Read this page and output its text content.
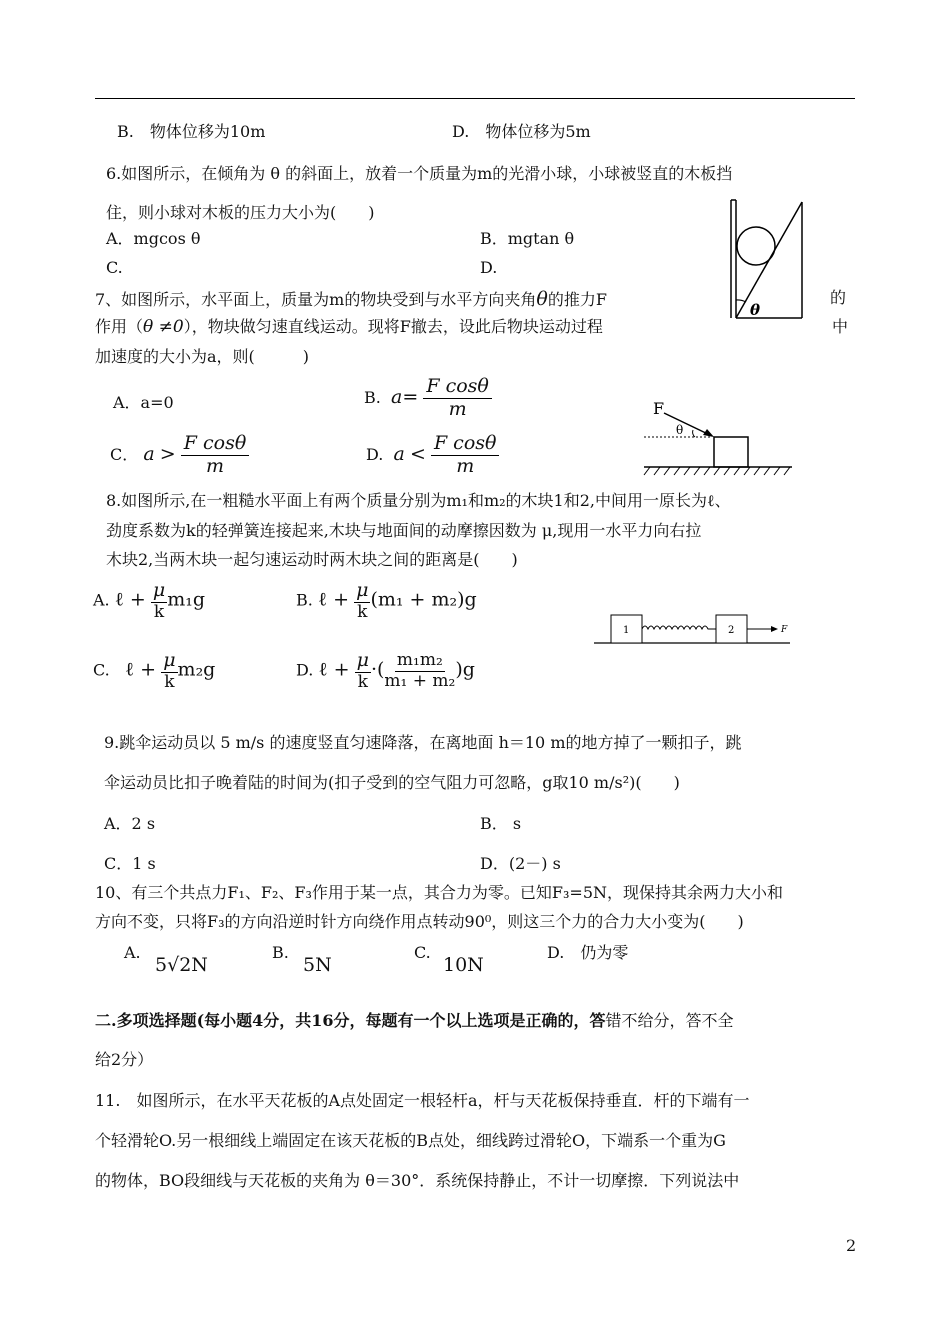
B.　物体位移为10m	D.　物体位移为5m
6.如图所示，在倾角为 θ 的斜面上，放着一个质量为m的光滑小球，小球被竖直的木板挡
住，则小球对木板的压力大小为(　　)
A．mgcos θ	B．mgtan θ
C.	D.
θ
7、如图所示，水平面上，质量为m的物块受到与水平方向夹角θ的推力F	的
作用（θ ≠0），物块做匀速直线运动。现将F撤去，设此后物块运动过程	中
加速度的大小为a，则(　　　)
A．a=0	B. $a= \frac{\text{F cosθ}}{m}$
C． $a > \frac{\text{F cosθ}}{m}$	D. $a < \frac{\text{F cosθ}}{m}$
F
θ
8.如图所示,在一粗糙水平面上有两个质量分别为m₁和m₂的木块1和2,中间用一原长为ℓ、
劲度系数为k的轻弹簧连接起来,木块与地面间的动摩擦因数为 μ,现用一水平力向右拉
木块2,当两木块一起匀速运动时两木块之间的距离是(　　)
A. ℓ + $\frac{\mu}{k} m_1g$	B. ℓ + $\frac{\mu}{k} (m_1 + m_2)g$
C. ℓ + $\frac{\mu}{k} m_2g$	D. ℓ + $\frac{\mu}{k}$ ·( $\frac{\text{m₁m₂}}{\text{m₁ + m₂}} )g$
1	2	F
9.跳伞运动员以 5 m/s 的速度竖直匀速降落，在离地面 h＝10 m的地方掉了一颗扣子，跳
伞运动员比扣子晚着陆的时间为(扣子受到的空气阻力可忽略，g取10 m/s²)(　　)
A．2 s	B． s
C．1 s	D．(2－) s
10、有三个共点力F₁、F₂、F₃作用于某一点，其合力为零。已知F₃=5N，现保持其余两力大小和
方向不变，只将F₃的方向沿逆时针方向绕作用点转动90⁰，则这三个力的合力大小变为(　　)
A.
5√2N
B.
5N
C.
10N
D.　仍为零
二.多项选择题(每小题4分，共16分，每题有一个以上选项是正确的，答错不给分，答不全
给2分）
11.　如图所示，在水平天花板的A点处固定一根轻杆a，杆与天花板保持垂直．杆的下端有一
个轻滑轮O.另一根细线上端固定在该天花板的B点处，细线跨过滑轮O，下端系一个重为G
的物体，BO段细线与天花板的夹角为 θ＝30°．系统保持静止，不计一切摩擦．下列说法中
2
